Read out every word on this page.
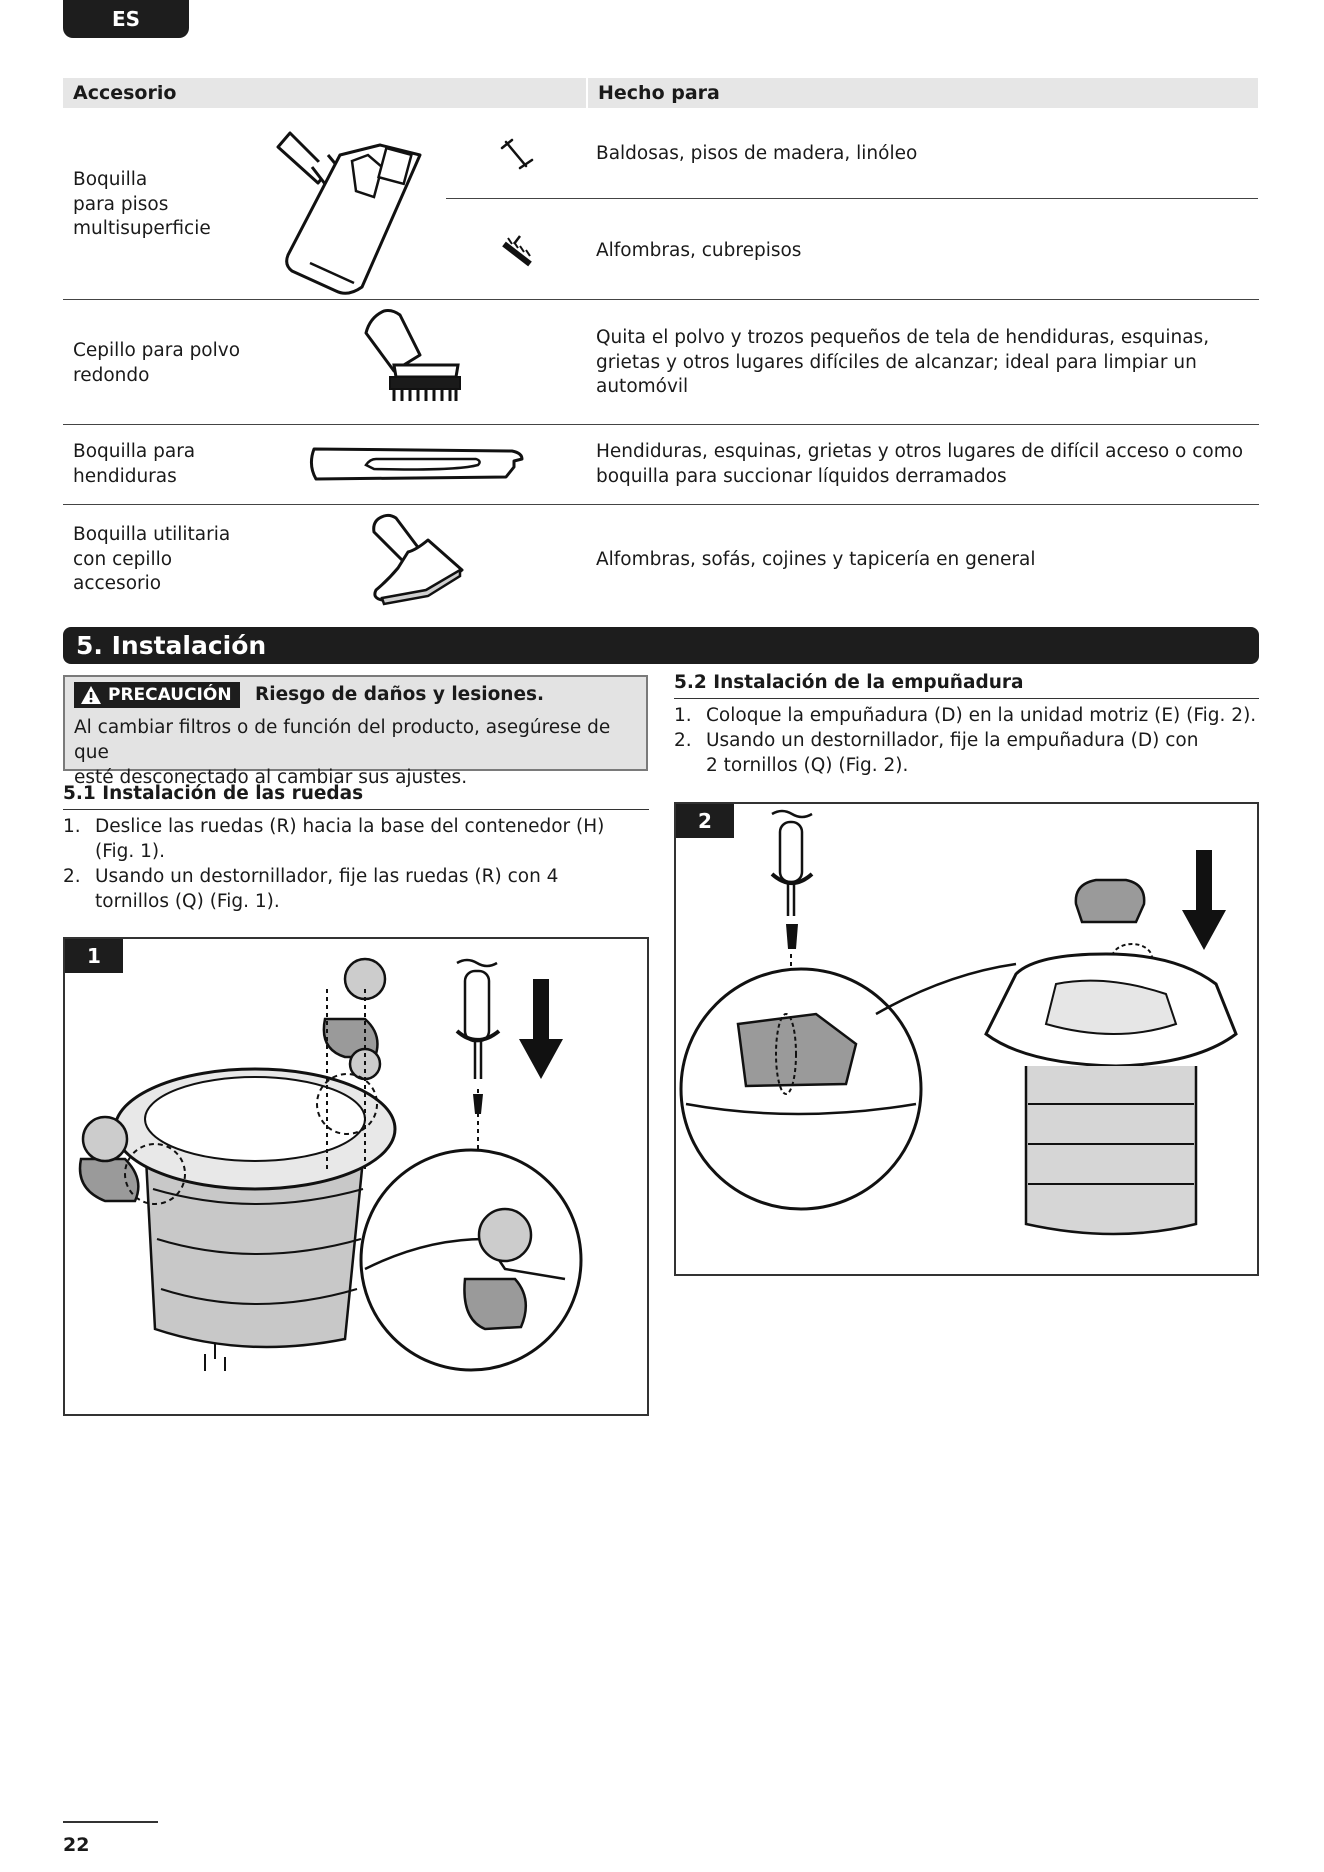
ES
Accesorio	Hecho para
Boquilla
para pisos
multisuperficie
Baldosas, pisos de madera, linóleo
Alfombras, cubrepisos
Cepillo para polvo
redondo
Quita el polvo y trozos pequeños de tela de hendiduras, esquinas,
grietas y otros lugares difíciles de alcanzar; ideal para limpiar un
automóvil
Boquilla para
hendiduras
Hendiduras, esquinas, grietas y otros lugares de difícil acceso o como
boquilla para succionar líquidos derramados
Boquilla utilitaria
con cepillo
accesorio
Alfombras, sofás, cojines y tapicería en general
5. Instalación
PRECAUCIÓN Riesgo de daños y lesiones.
Al cambiar filtros o de función del producto, asegúrese de que
esté desconectado al cambiar sus ajustes.
5.1 Instalación de las ruedas
1. Deslice las ruedas (R) hacia la base del contenedor (H)
(Fig. 1).
2. Usando un destornillador, fije las ruedas (R) con 4
tornillos (Q) (Fig. 1).
1
5.2 Instalación de la empuñadura
1. Coloque la empuñadura (D) en la unidad motriz (E) (Fig. 2).
2. Usando un destornillador, fije la empuñadura (D) con
2 tornillos (Q) (Fig. 2).
2
22
